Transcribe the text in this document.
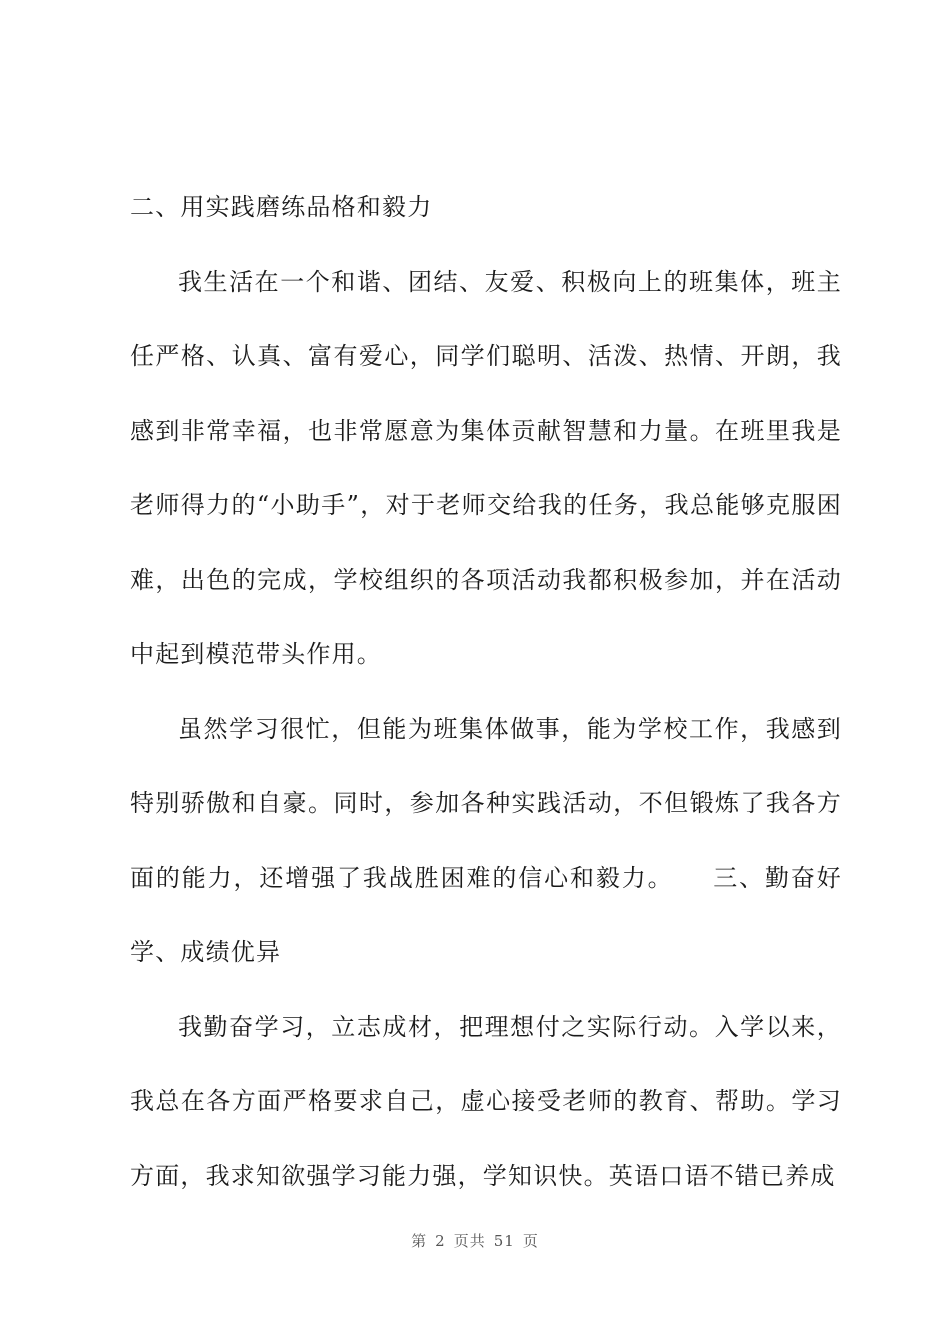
二、用实践磨练品格和毅力

我生活在一个和谐、团结、友爱、积极向上的班集体，班主任严格、认真、富有爱心，同学们聪明、活泼、热情、开朗，我感到非常幸福，也非常愿意为集体贡献智慧和力量。在班里我是老师得力的“小助手”，对于老师交给我的任务，我总能够克服困难，出色的完成，学校组织的各项活动我都积极参加，并在活动中起到模范带头作用。

虽然学习很忙，但能为班集体做事，能为学校工作，我感到特别骄傲和自豪。同时，参加各种实践活动，不但锻炼了我各方面的能力，还增强了我战胜困难的信心和毅力。　　三、勤奋好学、成绩优异

我勤奋学习，立志成材，把理想付之实际行动。入学以来，我总在各方面严格要求自己，虚心接受老师的教育、帮助。学习方面，我求知欲强学习能力强，学知识快。英语口语不错已养成

第 2 页共 51 页
